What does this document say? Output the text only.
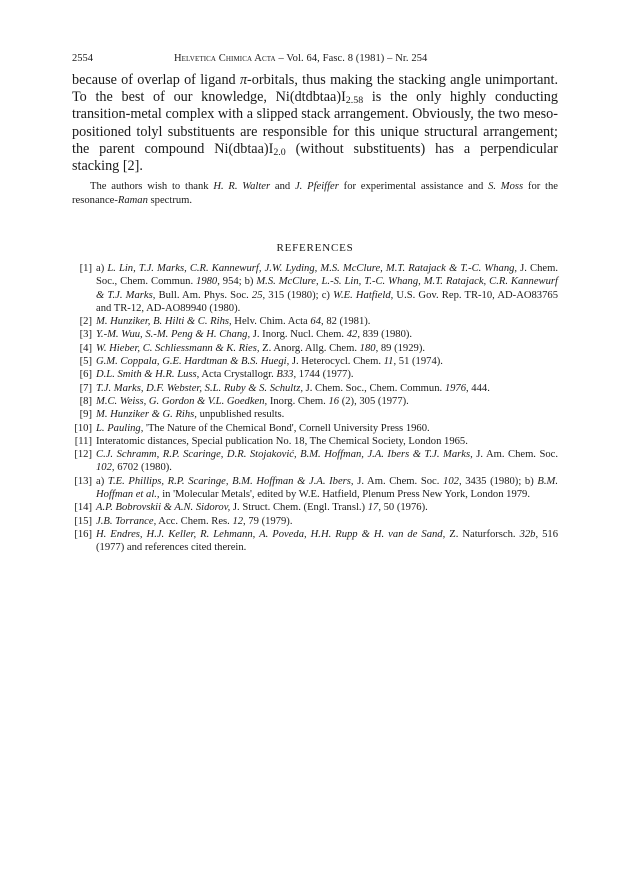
2554	Helvetica Chimica Acta – Vol. 64, Fasc. 8 (1981) – Nr. 254
because of overlap of ligand π-orbitals, thus making the stacking angle unimportant. To the best of our knowledge, $Ni(dtdbtaa)I_{2.58}$ is the only highly conducting transition-metal complex with a slipped stack arrangement. Obviously, the two meso-positioned tolyl substituents are responsible for this unique structural arrangement; the parent compound $Ni(dbtaa)I_{2.0}$ (without substituents) has a perpendicular stacking [2].
The authors wish to thank H. R. Walter and J. Pfeiffer for experimental assistance and S. Moss for the resonance-Raman spectrum.
REFERENCES
[1] a) L. Lin, T.J. Marks, C.R. Kannewurf, J.W. Lyding, M.S. McClure, M.T. Ratajack & T.-C. Whang, J. Chem. Soc., Chem. Commun. 1980, 954; b) M.S. McClure, L.-S. Lin, T.-C. Whang, M.T. Ratajack, C.R. Kannewurf & T.J. Marks, Bull. Am. Phys. Soc. 25, 315 (1980); c) W.E. Hatfield, U.S. Gov. Rep. TR-10, AD-AO83765 and TR-12, AD-AO89940 (1980).
[2] M. Hunziker, B. Hilti & C. Rihs, Helv. Chim. Acta 64, 82 (1981).
[3] Y.-M. Wuu, S.-M. Peng & H. Chang, J. Inorg. Nucl. Chem. 42, 839 (1980).
[4] W. Hieber, C. Schliessmann & K. Ries, Z. Anorg. Allg. Chem. 180, 89 (1929).
[5] G.M. Coppala, G.E. Hardtman & B.S. Huegi, J. Heterocycl. Chem. 11, 51 (1974).
[6] D.L. Smith & H.R. Luss, Acta Crystallogr. B33, 1744 (1977).
[7] T.J. Marks, D.F. Webster, S.L. Ruby & S. Schultz, J. Chem. Soc., Chem. Commun. 1976, 444.
[8] M.C. Weiss, G. Gordon & V.L. Goedken, Inorg. Chem. 16 (2), 305 (1977).
[9] M. Hunziker & G. Rihs, unpublished results.
[10] L. Pauling, 'The Nature of the Chemical Bond', Cornell University Press 1960.
[11] Interatomic distances, Special publication No. 18, The Chemical Society, London 1965.
[12] C.J. Schramm, R.P. Scaringe, D.R. Stojaković, B.M. Hoffman, J.A. Ibers & T.J. Marks, J. Am. Chem. Soc. 102, 6702 (1980).
[13] a) T.E. Phillips, R.P. Scaringe, B.M. Hoffman & J.A. Ibers, J. Am. Chem. Soc. 102, 3435 (1980); b) B.M. Hoffman et al., in 'Molecular Metals', edited by W.E. Hatfield, Plenum Press New York, London 1979.
[14] A.P. Bobrovskii & A.N. Sidorov, J. Struct. Chem. (Engl. Transl.) 17, 50 (1976).
[15] J.B. Torrance, Acc. Chem. Res. 12, 79 (1979).
[16] H. Endres, H.J. Keller, R. Lehmann, A. Poveda, H.H. Rupp & H. van de Sand, Z. Naturforsch. 32b, 516 (1977) and references cited therein.
